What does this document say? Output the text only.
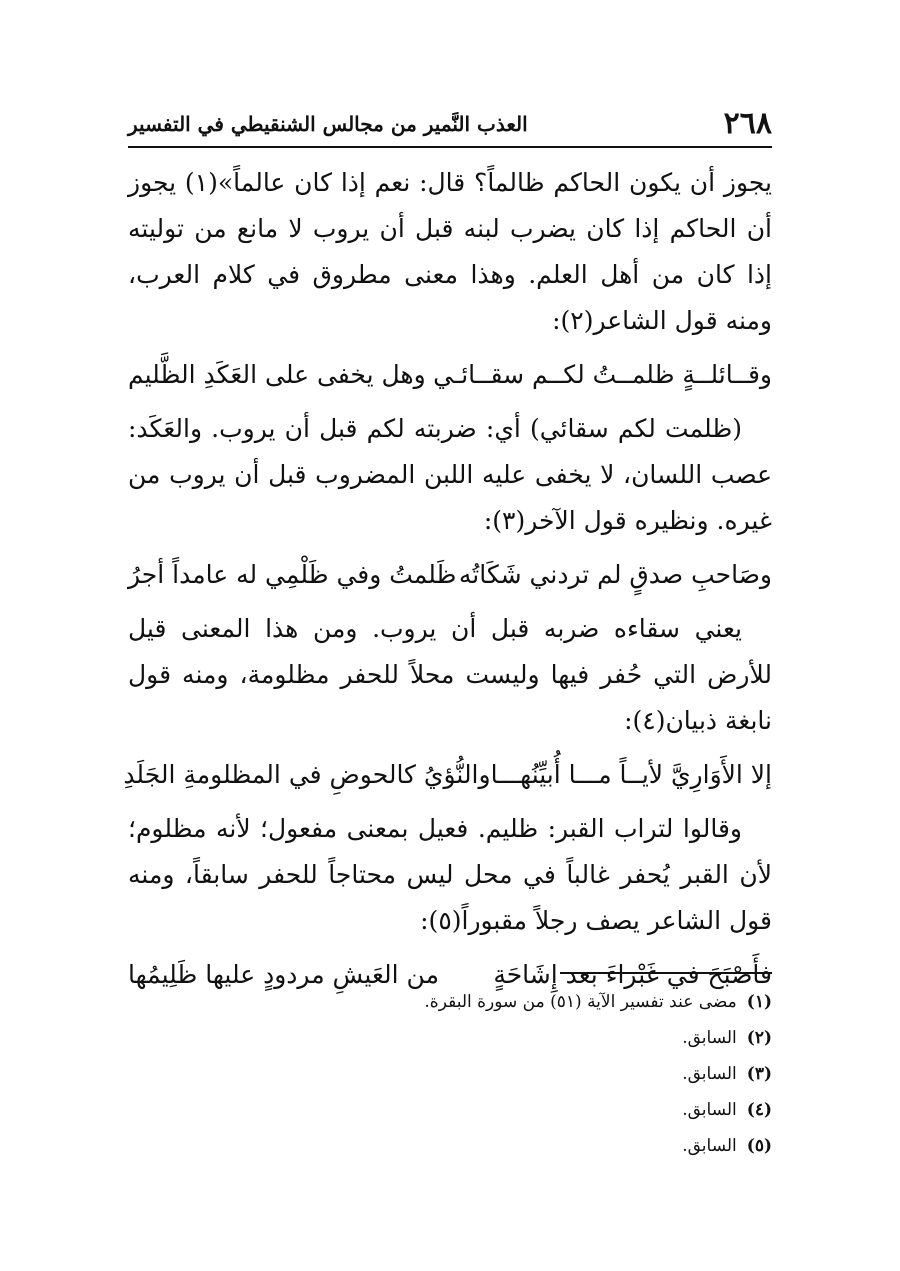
٢٦٨
العذب النَّمير من مجالس الشنقيطي في التفسير

يجوز أن يكون الحاكم ظالماً؟ قال: نعم إذا كان عالماً»(١) يجوز أن الحاكم إذا كان يضرب لبنه قبل أن يروب لا مانع من توليته إذا كان من أهل العلم. وهذا معنى مطروق في كلام العرب، ومنه قول الشاعر(٢):

وقــائلــةٍ ظلمــتُ لكــم سقــائـي
وهل يخفى على العَكَدِ الظَّليم

(ظلمت لكم سقائي) أي: ضربته لكم قبل أن يروب. والعَكَد: عصب اللسان، لا يخفى عليه اللبن المضروب قبل أن يروب من غيره. ونظيره قول الآخر(٣):

وصَاحبِ صدقٍ لم تردني شَكَاتُه
ظَلمتُ وفي ظَلْمِي له عامداً أجرُ

يعني سقاءه ضربه قبل أن يروب. ومن هذا المعنى قيل للأرض التي حُفر فيها وليست محلاً للحفر مظلومة، ومنه قول نابغة ذبيان(٤):

إلا الأَوَارِيَّ لأيــاً مـــا أُبيِّنُهـــا
والنُّؤيُ كالحوضِ في المظلومةِ الجَلَدِ

وقالوا لتراب القبر: ظليم. فعيل بمعنى مفعول؛ لأنه مظلوم؛ لأن القبر يُحفر غالباً في محل ليس محتاجاً للحفر سابقاً، ومنه قول الشاعر يصف رجلاً مقبوراً(٥):

فأَصْبَحَ في غَبْراءَ بعد إِشَاحَةٍ
من العَيشِ مردودٍ عليها ظَلِيمُها

(١)مضى عند تفسير الآية (٥١) من سورة البقرة.

(٢)السابق.

(٣)السابق.

(٤)السابق.

(٥)السابق.
